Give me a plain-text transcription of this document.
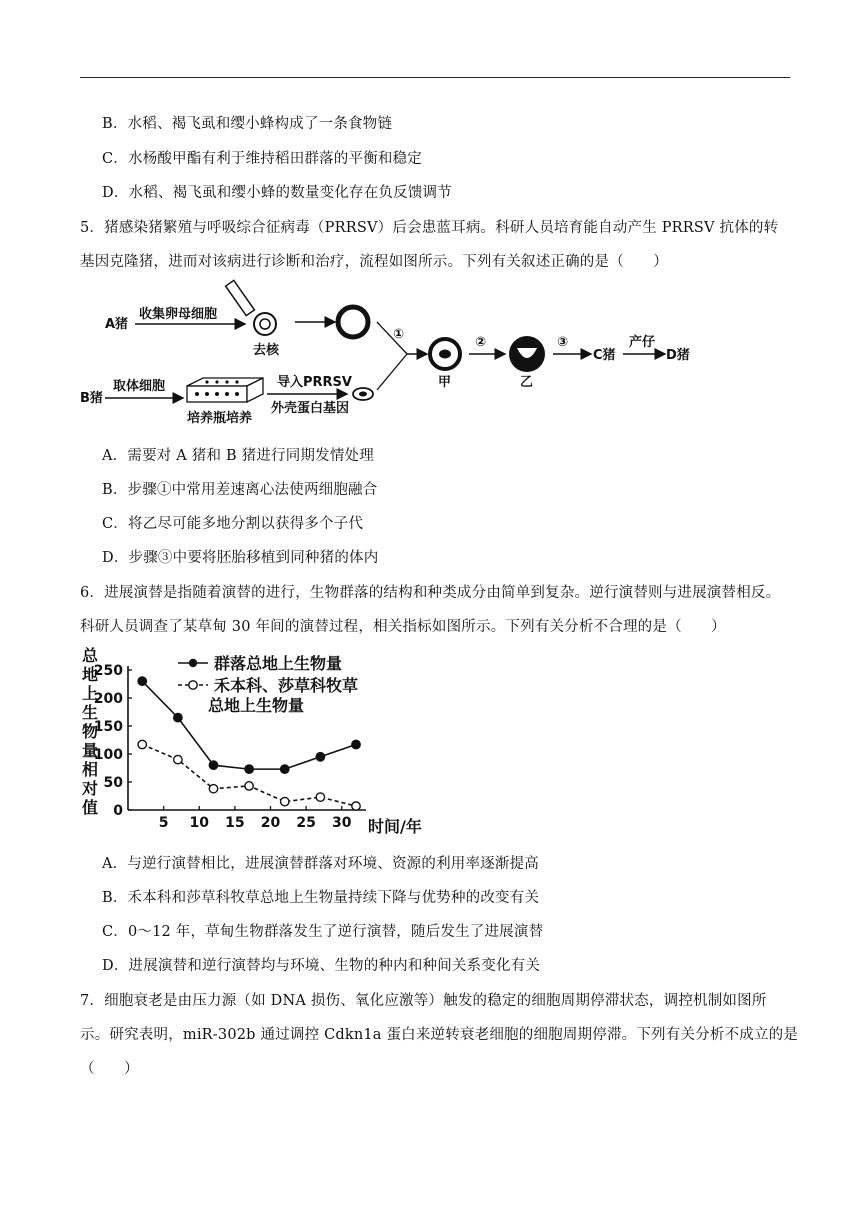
B．水稻、褐飞虱和缨小蜂构成了一条食物链
C．水杨酸甲酯有利于维持稻田群落的平衡和稳定
D．水稻、褐飞虱和缨小蜂的数量变化存在负反馈调节
5．猪感染猪繁殖与呼吸综合征病毒（PRRSV）后会患蓝耳病。科研人员培育能自动产生 PRRSV 抗体的转
基因克隆猪，进而对该病进行诊断和治疗，流程如图所示。下列有关叙述正确的是（　　）
A猪
收集卵母细胞
去核
B猪
取体细胞
培养瓶培养
导入PRRSV
外壳蛋白基因
①
甲
②
乙
③
C猪
产仔
D猪
A．需要对 A 猪和 B 猪进行同期发情处理
B．步骤①中常用差速离心法使两细胞融合
C．将乙尽可能多地分割以获得多个子代
D．步骤③中要将胚胎移植到同种猪的体内
6．进展演替是指随着演替的进行，生物群落的结构和种类成分由简单到复杂。逆行演替则与进展演替相反。
科研人员调查了某草甸 30 年间的演替过程，相关指标如图所示。下列有关分析不合理的是（　　）
0
50
100
150
200
250
5 10 15 20 25 30
总
地
上
生
物
量
相
对
值
时间/年
群落总地上生物量
禾本科、莎草科牧草
总地上生物量
A．与逆行演替相比，进展演替群落对环境、资源的利用率逐渐提高
B．禾本科和莎草科牧草总地上生物量持续下降与优势种的改变有关
C．0～12 年，草甸生物群落发生了逆行演替，随后发生了进展演替
D．进展演替和逆行演替均与环境、生物的种内和种间关系变化有关
7．细胞衰老是由压力源（如 DNA 损伤、氧化应激等）触发的稳定的细胞周期停滞状态，调控机制如图所
示。研究表明，miR-302b 通过调控 Cdkn1a 蛋白来逆转衰老细胞的细胞周期停滞。下列有关分析不成立的是
（　　）
